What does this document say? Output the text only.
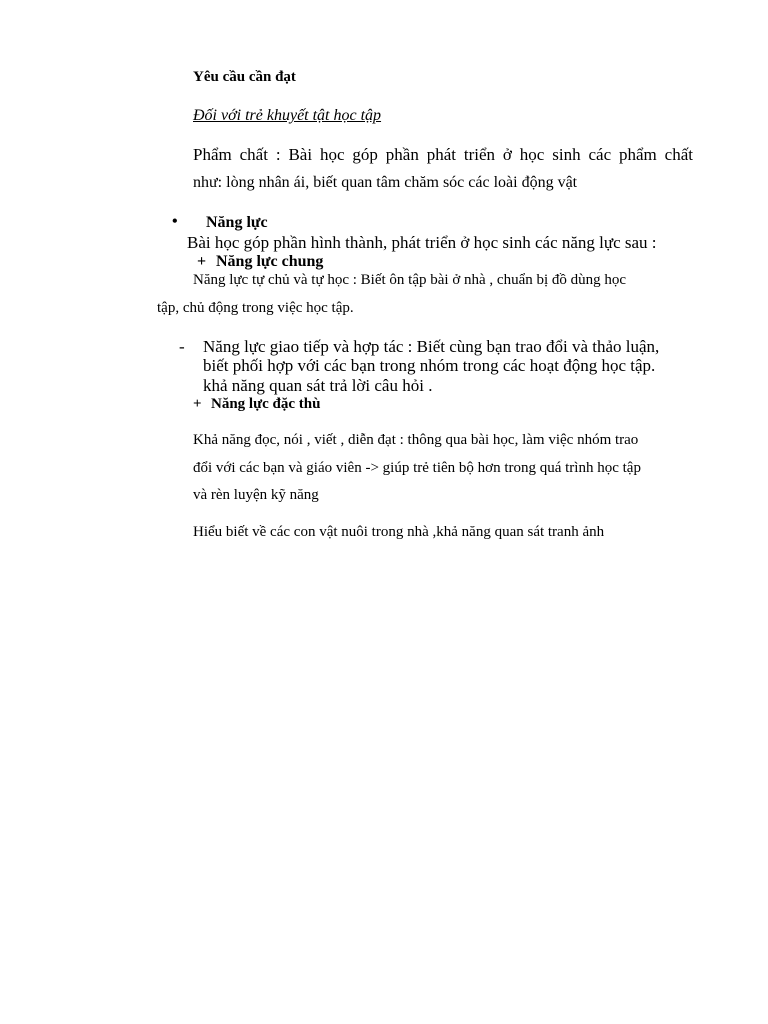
Yêu cầu cần đạt
Đối với trẻ khuyết tật học tập
Phẩm chất : Bài học góp phần phát triển ở học sinh các phẩm chất
như: lòng nhân ái, biết quan tâm chăm sóc các loài động vật
• Năng lực
Bài học góp phần hình thành, phát triển ở học sinh các năng lực sau :
+ Năng lực chung
Năng lực tự chủ và tự học : Biết ôn tập bài ở nhà , chuẩn bị đồ dùng học
tập, chủ động trong việc học tập.
- Năng lực giao tiếp và hợp tác : Biết cùng bạn trao đổi và thảo luận,
biết phối hợp với các bạn trong nhóm trong các hoạt động học tập.
khả năng quan sát trả lời câu hỏi .
+ Năng lực đặc thù
Khả năng đọc, nói , viết , diễn đạt : thông qua bài học, làm việc nhóm trao
đổi với các bạn và giáo viên -> giúp trẻ tiên bộ hơn trong quá trình học tập
và rèn luyện kỹ năng
Hiểu biết về các con vật nuôi trong nhà ,khả năng quan sát tranh ảnh
